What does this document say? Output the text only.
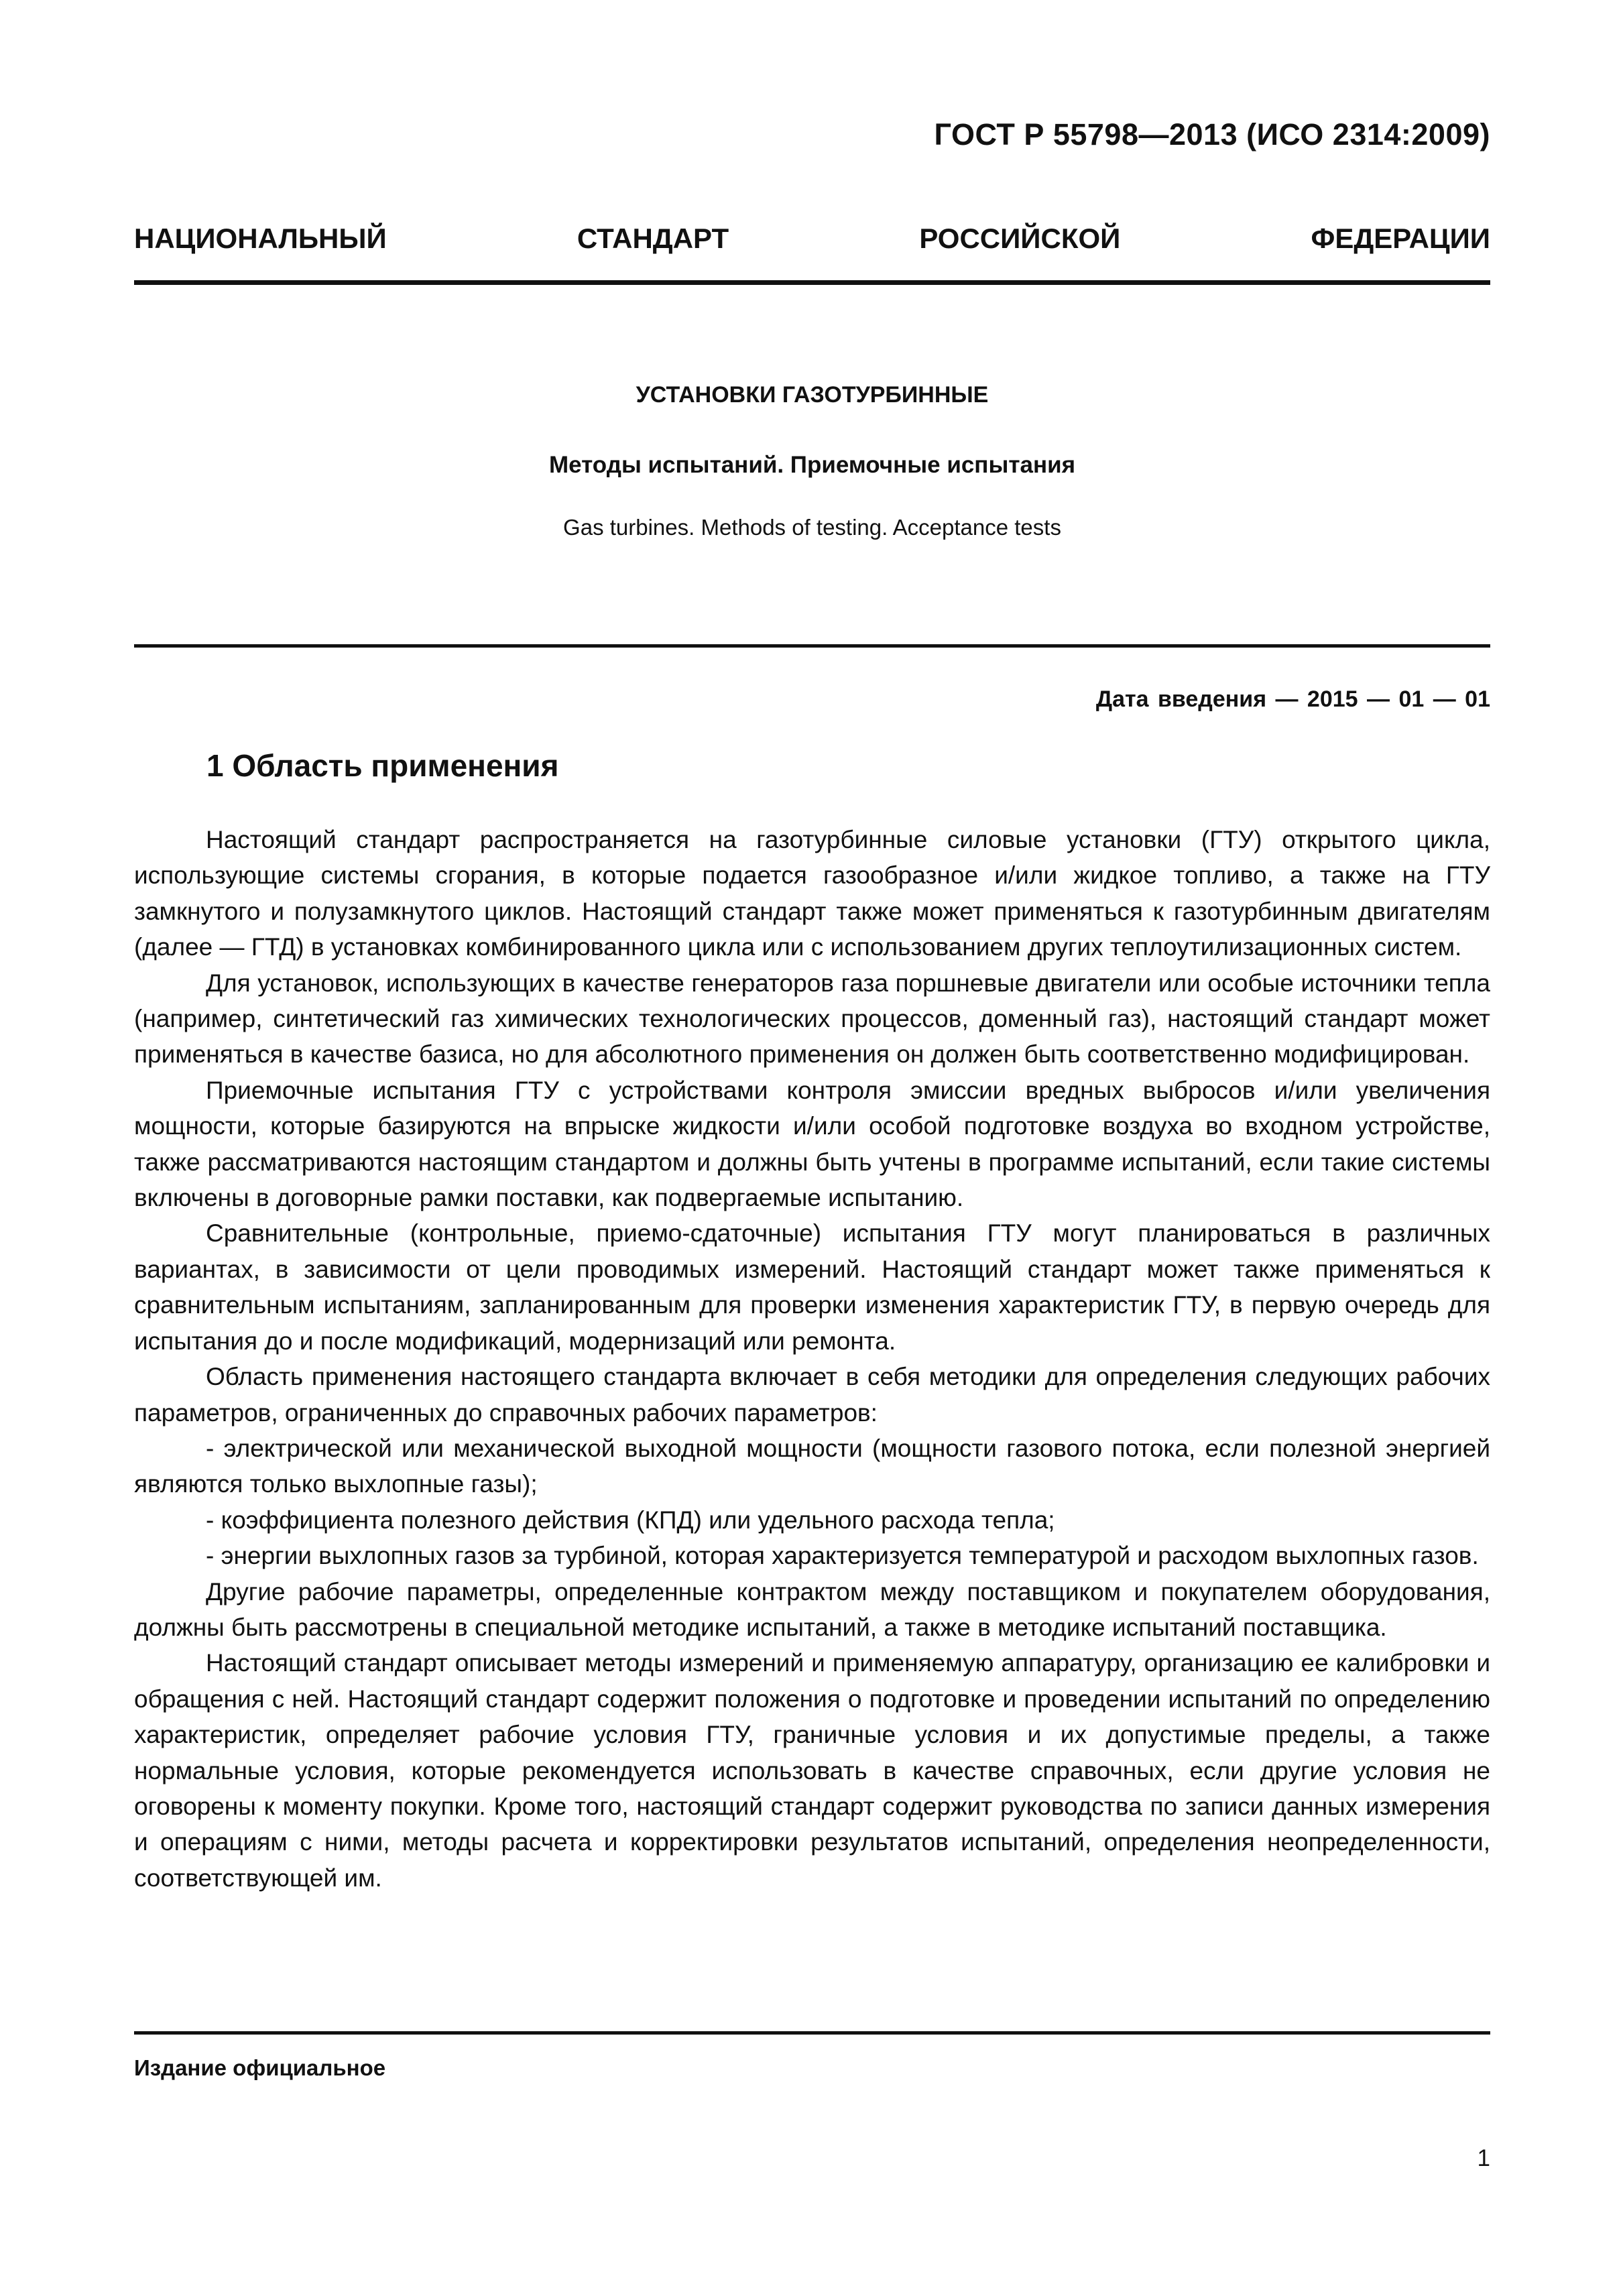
ГОСТ Р 55798—2013 (ИСО 2314:2009)
НАЦИОНАЛЬНЫЙ СТАНДАРТ РОССИЙСКОЙ ФЕДЕРАЦИИ
УСТАНОВКИ ГАЗОТУРБИННЫЕ
Методы испытаний. Приемочные испытания
Gas turbines. Methods of testing. Acceptance tests
Дата введения — 2015 — 01 — 01
1 Область применения

Настоящий стандарт распространяется на газотурбинные силовые установки (ГТУ) открытого цикла, использующие системы сгорания, в которые подается газообразное и/или жидкое топливо, а также на ГТУ замкнутого и полузамкнутого циклов. Настоящий стандарт также может применяться к газотурбинным двигателям (далее — ГТД) в установках комбинированного цикла или с использованием других теплоутилизационных систем.

Для установок, использующих в качестве генераторов газа поршневые двигатели или особые источники тепла (например, синтетический газ химических технологических процессов, доменный газ), настоящий стандарт может применяться в качестве базиса, но для абсолютного применения он должен быть соответственно модифицирован.

Приемочные испытания ГТУ с устройствами контроля эмиссии вредных выбросов и/или увеличения мощности, которые базируются на впрыске жидкости и/или особой подготовке воздуха во входном устройстве, также рассматриваются настоящим стандартом и должны быть учтены в программе испытаний, если такие системы включены в договорные рамки поставки, как подвергаемые испытанию.

Сравнительные (контрольные, приемо-сдаточные) испытания ГТУ могут планироваться в различных вариантах, в зависимости от цели проводимых измерений. Настоящий стандарт может также применяться к сравнительным испытаниям, запланированным для проверки изменения характеристик ГТУ, в первую очередь для испытания до и после модификаций, модернизаций или ремонта.

Область применения настоящего стандарта включает в себя методики для определения следующих рабочих параметров, ограниченных до справочных рабочих параметров:

- электрической или механической выходной мощности (мощности газового потока, если полезной энергией являются только выхлопные газы);

- коэффициента полезного действия (КПД) или удельного расхода тепла;

- энергии выхлопных газов за турбиной, которая характеризуется температурой и расходом выхлопных газов.

Другие рабочие параметры, определенные контрактом между поставщиком и покупателем оборудования, должны быть рассмотрены в специальной методике испытаний, а также в методике испытаний поставщика.

Настоящий стандарт описывает методы измерений и применяемую аппаратуру, организацию ее калибровки и обращения с ней. Настоящий стандарт содержит положения о подготовке и проведении испытаний по определению характеристик, определяет рабочие условия ГТУ, граничные условия и их допустимые пределы, а также нормальные условия, которые рекомендуется использовать в качестве справочных, если другие условия не оговорены к моменту покупки. Кроме того, настоящий стандарт содержит руководства по записи данных измерения и операциям с ними, методы расчета и корректировки результатов испытаний, определения неопределенности, соответствующей им.

Издание официальное
1
